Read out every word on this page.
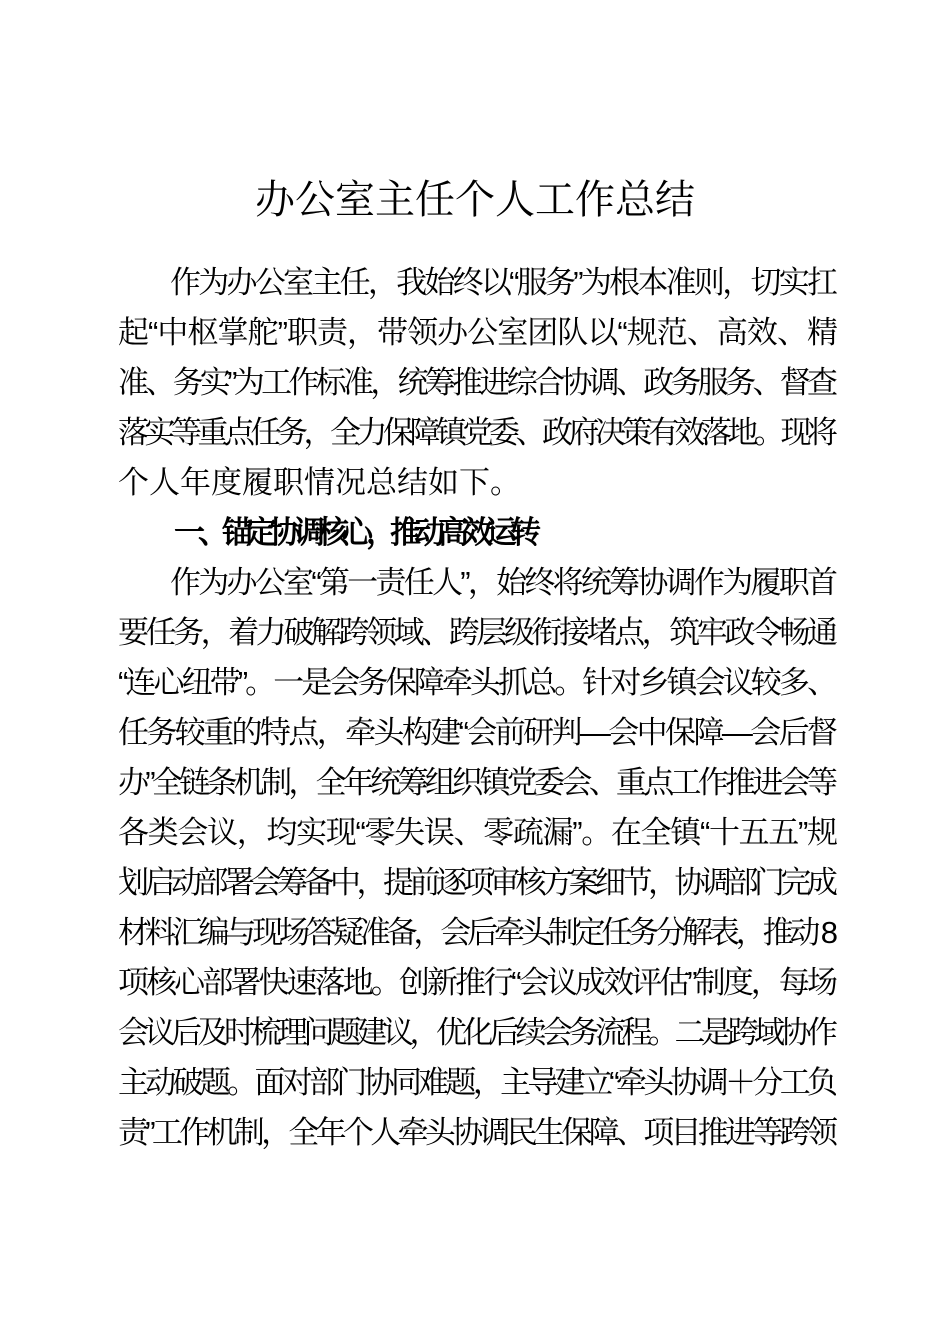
办公室主任个人工作总结
作为办公室主任，我始终以“服务”为根本准则，切实扛
起“中枢掌舵”职责，带领办公室团队以“规范、高效、精
准、务实”为工作标准，统筹推进综合协调、政务服务、督查
落实等重点任务，全力保障镇党委、政府决策有效落地。现将
个人年度履职情况总结如下。
一、锚定协调核心，推动高效运转
作为办公室“第一责任人”，始终将统筹协调作为履职首
要任务，着力破解跨领域、跨层级衔接堵点，筑牢政令畅通
“连心纽带”。一是会务保障牵头抓总。针对乡镇会议较多、
任务较重的特点，牵头构建“会前研判—会中保障—会后督
办”全链条机制，全年统筹组织镇党委会、重点工作推进会等
各类会议，均实现“零失误、零疏漏”。在全镇“十五五”规
划启动部署会筹备中，提前逐项审核方案细节，协调部门完成
材料汇编与现场答疑准备，会后牵头制定任务分解表，推动 8
项核心部署快速落地。创新推行“会议成效评估”制度，每场
会议后及时梳理问题建议，优化后续会务流程。二是跨域协作
主动破题。面对部门协同难题，主导建立“牵头协调＋分工负
责”工作机制，全年个人牵头协调民生保障、项目推进等跨领
